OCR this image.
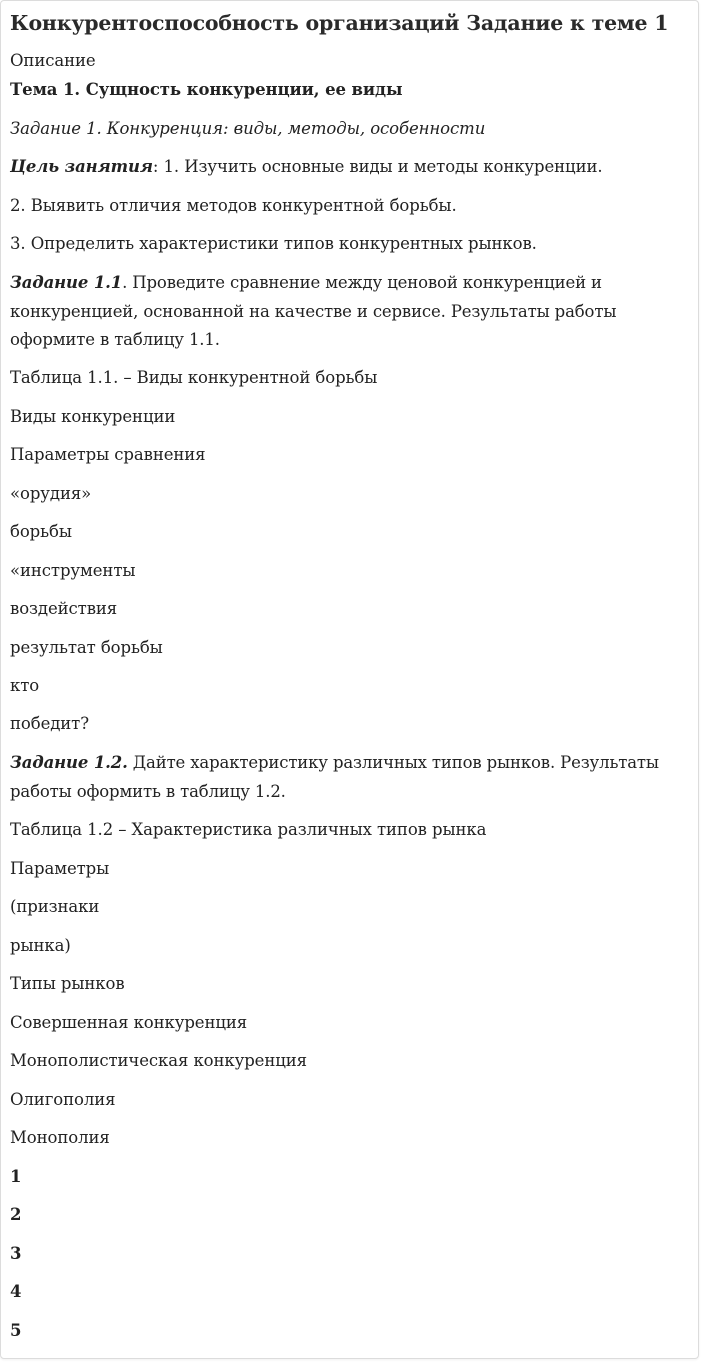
Конкурентоспособность организаций Задание к теме 1

Описание

Тема 1. Сущность конкуренции, ее виды

Задание 1. Конкуренция: виды, методы, особенности

Цель занятия: 1. Изучить основные виды и методы конкуренции.

2. Выявить отличия методов конкурентной борьбы.

3. Определить характеристики типов конкурентных рынков.

Задание 1.1. Проведите сравнение между ценовой конкуренцией и конкуренцией, основанной на качестве и сервисе. Результаты работы оформите в таблицу 1.1.

Таблица 1.1. – Виды конкурентной борьбы

Виды конкуренции

Параметры сравнения

«орудия»

борьбы

«инструменты

воздействия

результат борьбы

кто

победит?

Задание 1.2. Дайте характеристику различных типов рынков. Результаты работы оформить в таблицу 1.2.

Таблица 1.2 – Характеристика различных типов рынка

Параметры

(признаки

рынка)

Типы рынков

Совершенная конкуренция

Монополистическая конкуренция

Олигополия

Монополия

1

2

3

4

5
